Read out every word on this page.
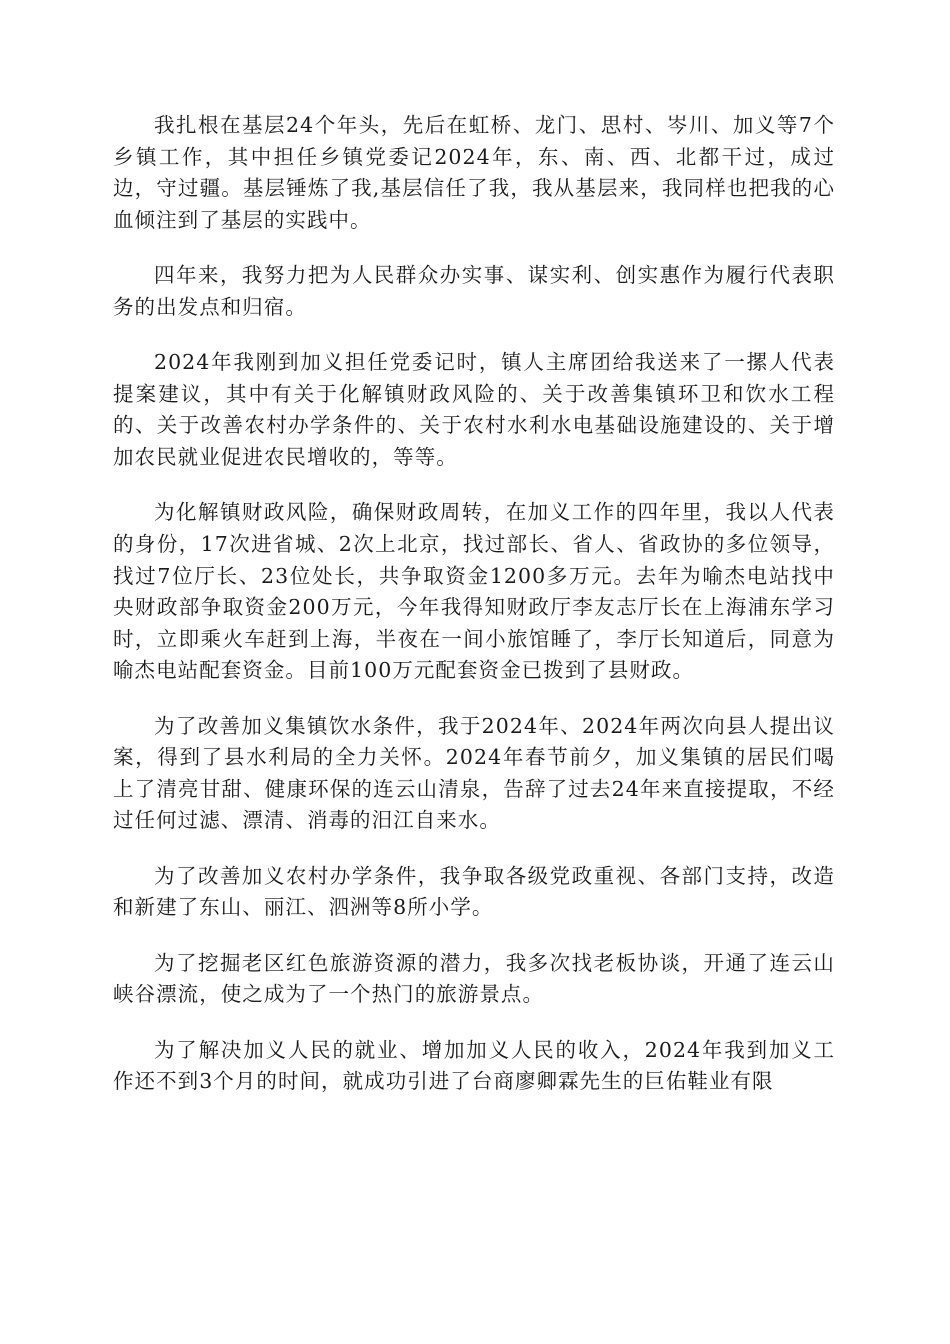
我扎根在基层24个年头，先后在虹桥、龙门、思村、岑川、加义等7个乡镇工作，其中担任乡镇党委记2024年，东、南、西、北都干过，成过边，守过疆。基层锤炼了我,基层信任了我，我从基层来，我同样也把我的心血倾注到了基层的实践中。

四年来，我努力把为人民群众办实事、谋实利、创实惠作为履行代表职务的出发点和归宿。

2024年我刚到加义担任党委记时，镇人主席团给我送来了一摞人代表提案建议，其中有关于化解镇财政风险的、关于改善集镇环卫和饮水工程的、关于改善农村办学条件的、关于农村水利水电基础设施建设的、关于增加农民就业促进农民增收的，等等。

为化解镇财政风险，确保财政周转，在加义工作的四年里，我以人代表的身份，17次进省城、2次上北京，找过部长、省人、省政协的多位领导，找过7位厅长、23位处长，共争取资金1200多万元。去年为喻杰电站找中央财政部争取资金200万元，今年我得知财政厅李友志厅长在上海浦东学习时，立即乘火车赶到上海，半夜在一间小旅馆睡了，李厅长知道后，同意为喻杰电站配套资金。目前100万元配套资金已拨到了县财政。

为了改善加义集镇饮水条件，我于2024年、2024年两次向县人提出议案，得到了县水利局的全力关怀。2024年春节前夕，加义集镇的居民们喝上了清亮甘甜、健康环保的连云山清泉，告辞了过去24年来直接提取，不经过任何过滤、漂清、消毒的汨江自来水。

为了改善加义农村办学条件，我争取各级党政重视、各部门支持，改造和新建了东山、丽江、泗洲等8所小学。

为了挖掘老区红色旅游资源的潜力，我多次找老板协谈，开通了连云山峡谷漂流，使之成为了一个热门的旅游景点。

为了解决加义人民的就业、增加加义人民的收入，2024年我到加义工作还不到3个月的时间，就成功引进了台商廖卿霖先生的巨佑鞋业有限
